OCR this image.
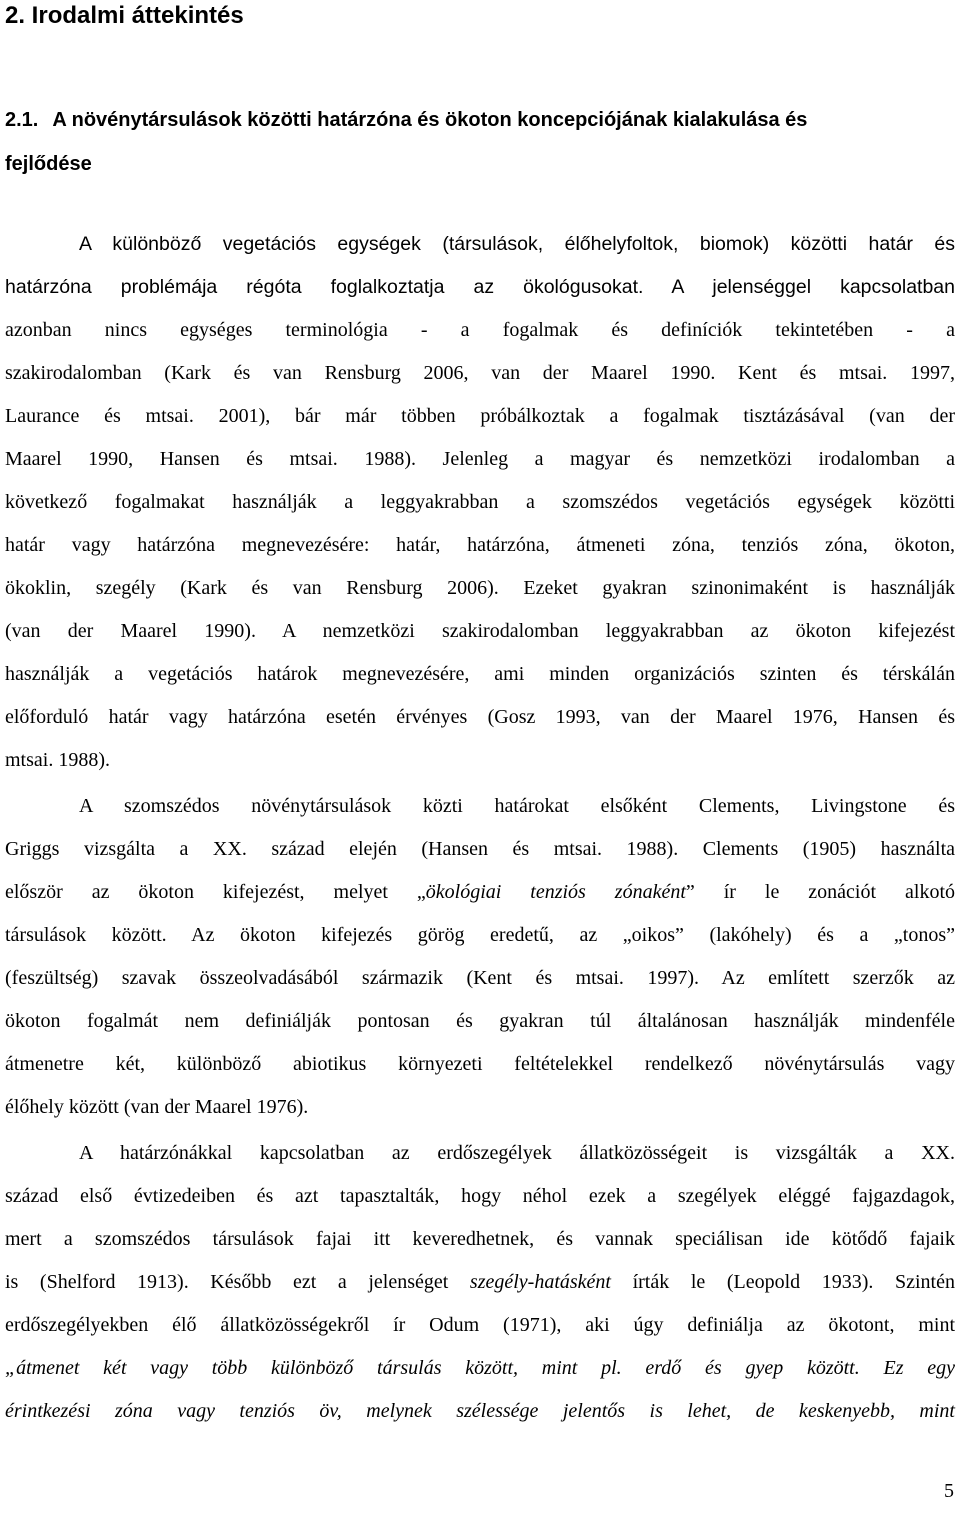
2. Irodalmi áttekintés
2.1. A növénytársulások közötti határzóna és ökoton koncepciójának kialakulása és
fejlődése
A különböző vegetációs egységek (társulások, élőhelyfoltok, biomok) közötti határ és
határzóna problémája régóta foglalkoztatja az ökológusokat. A jelenséggel kapcsolatban
azonban nincs egységes terminológia - a fogalmak és definíciók tekintetében - a
szakirodalomban (Kark és van Rensburg 2006, van der Maarel 1990. Kent és mtsai. 1997,
Laurance és mtsai. 2001), bár már többen próbálkoztak a fogalmak tisztázásával (van der
Maarel 1990, Hansen és mtsai. 1988). Jelenleg a magyar és nemzetközi irodalomban a
következő fogalmakat használják a leggyakrabban a szomszédos vegetációs egységek közötti
határ vagy határzóna megnevezésére: határ, határzóna, átmeneti zóna, tenziós zóna, ökoton,
ökoklin, szegély (Kark és van Rensburg 2006). Ezeket gyakran szinonimaként is használják
(van der Maarel 1990). A nemzetközi szakirodalomban leggyakrabban az ökoton kifejezést
használják a vegetációs határok megnevezésére, ami minden organizációs szinten és térskálán
előforduló határ vagy határzóna esetén érvényes (Gosz 1993, van der Maarel 1976, Hansen és
mtsai. 1988).
A szomszédos növénytársulások közti határokat elsőként Clements, Livingstone és
Griggs vizsgálta a XX. század elején (Hansen és mtsai. 1988). Clements (1905) használta
először az ökoton kifejezést, melyet „ökológiai tenziós zónaként” ír le zonációt alkotó
társulások között. Az ökoton kifejezés görög eredetű, az „oikos” (lakóhely) és a „tonos”
(feszültség) szavak összeolvadásából származik (Kent és mtsai. 1997). Az említett szerzők az
ökoton fogalmát nem definiálják pontosan és gyakran túl általánosan használják mindenféle
átmenetre két, különböző abiotikus környezeti feltételekkel rendelkező növénytársulás vagy
élőhely között (van der Maarel 1976).
A határzónákkal kapcsolatban az erdőszegélyek állatközösségeit is vizsgálták a XX.
század első évtizedeiben és azt tapasztalták, hogy néhol ezek a szegélyek eléggé fajgazdagok,
mert a szomszédos társulások fajai itt keveredhetnek, és vannak speciálisan ide kötődő fajaik
is (Shelford 1913). Később ezt a jelenséget szegély-hatásként írták le (Leopold 1933). Szintén
erdőszegélyekben élő állatközösségekről ír Odum (1971), aki úgy definiálja az ökotont, mint
„átmenet két vagy több különböző társulás között, mint pl. erdő és gyep között. Ez egy
érintkezési zóna vagy tenziós öv, melynek szélessége jelentős is lehet, de keskenyebb, mint
5
